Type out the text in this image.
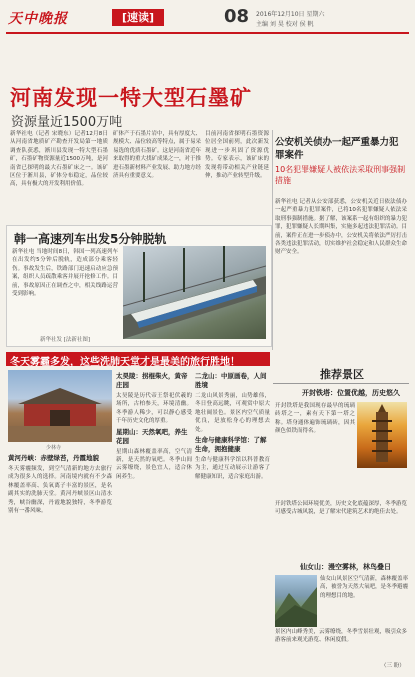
天中晚报	[速读]	08 2016年12月10日 星期六
主编 刘 昊 校对 侯 帆
河南发现一特大型石墨矿
资源量近1500万吨
新华社电（记者 宋晓东）记者12月8日从河南省地质矿产勘查开发局第一地质调查队获悉，淅川县发现一特大型石墨矿，石墨矿物资源量近1500万吨，是河南省已探明的最大石墨矿床之一。该矿区位于淅川县，矿体分布稳定，品位较高，具有极大的开发利用价值。
矿体产于石墨片岩中，具有厚度大、规模大、品位较高等特点，属于易采易选的优质石墨矿。这是河南省近年来取得的重大找矿成果之一，对于推进石墨新材料产业发展、助力地方经济具有重要意义。
目前河南省探明石墨资源位居全国前列，此次新发现进一步巩固了资源优势。专家表示，该矿床的发现将带动相关产业链延伸，推动产业转型升级。
公安机关侦办一起严重暴力犯罪案件
10名犯罪嫌疑人被依法采取刑事强制措施
新华社电 记者从公安部获悉，公安机关近日依法侦办一起严重暴力犯罪案件，已将10名犯罪嫌疑人依法采取刑事强制措施。据了解，该案系一起有组织的暴力犯罪，犯罪嫌疑人长期纠集，实施多起违法犯罪活动。目前，案件正在进一步侦办中，公安机关将依法严厉打击各类违法犯罪活动，切实维护社会稳定和人民群众生命财产安全。
韩一高速列车出发5分钟脱轨
新华社电 当地时间8日，韩国一列高速列车在出发约5分钟后脱轨，造成部分乘客轻伤。事故发生后，铁路部门迅速启动应急预案，组织人员疏散乘客并展开抢修工作。目前，事故原因正在调查之中，相关线路运营受到影响。
新华社发 [法新社图]
冬天雾霾多发，这些洗肺天堂才是最美的旅行胜地！
少林寺
黄河丹峡：赤壁绿苔，丹霞地貌
冬天雾霾频发，到空气清新的地方去旅行成为很多人的选择。河南境内就有不少森林覆盖率高、负氧离子丰富的景区，是名副其实的洗肺天堂。黄河丹峡景区山清水秀，峡谷幽深，丹霞地貌独特，冬季游览别有一番风味。
太昊陵：拐棍柴火，黄帝庄园
太昊陵是历代帝王祭祀伏羲的场所，古柏参天，环境清幽。冬季游人稀少，可以静心感受千年历史文化的厚重。
星期山：天然氧吧，养生花园
星期山森林覆盖率高，空气清新，是天然的氧吧。冬季山间云雾缭绕，景色宜人，适合休闲养生。
二龙山：中原画卷，人间胜境
二龙山风景秀丽，山势雄伟，冬日登高远眺，可观赏中原大地壮阔景色。景区内空气质量优良，是放松身心的理想去处。
生命与健康科学馆：了解生命，拥抱健康
生命与健康科学馆以科普教育为主，通过互动展示让游客了解健康知识，适合家庭出游。
推荐景区
开封铁塔：位置优越，历史悠久
开封铁塔是我国现存最早的琉璃砖塔之一，素有天下第一塔之称。塔身通体遍饰琉璃砖，因其颜色似铁而得名。
开封铁塔公园环境优美，历史文化底蕴深厚，冬季游览可感受古城风貌，是了解宋代建筑艺术的绝佳去处。
仙女山：漫空雾林，林鸟叠日
仙女山风景区空气清新，森林覆盖率高，被誉为天然大氧吧，是冬季避霾的理想目的地。
景区内山峰秀美，云雾缭绕，冬季雪景壮观，吸引众多游客前来观光游览、休闲度假。
（三 盼）
